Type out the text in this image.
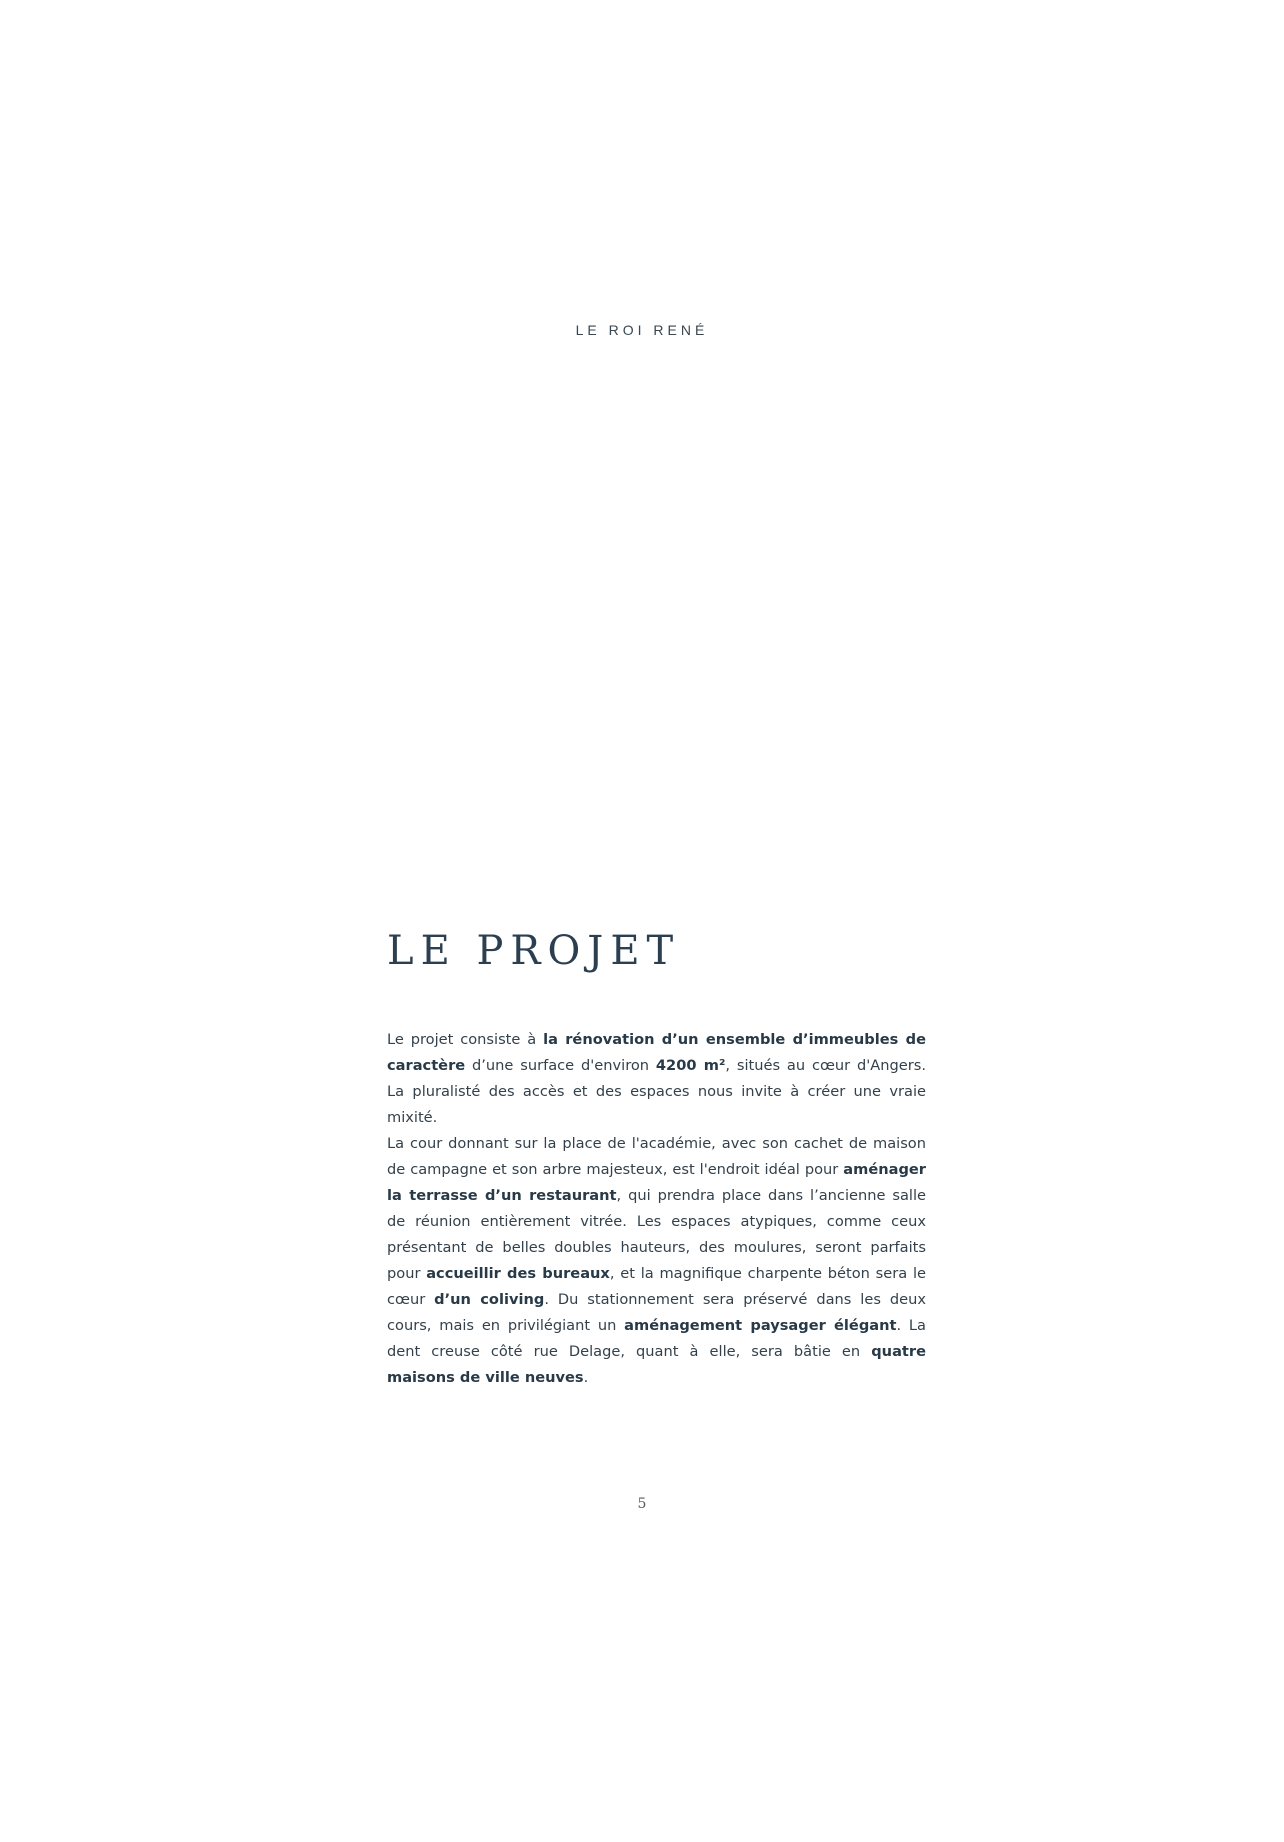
LE ROI RENÉ
LE PROJET
Le projet consiste à la rénovation d’un ensemble d’immeubles de caractère d’une surface d'environ 4200 m², situés au cœur d'Angers. La pluralisté des accès et des espaces nous invite à créer une vraie mixité.
La cour donnant sur la place de l'académie, avec son cachet de maison de campagne et son arbre majesteux, est l'endroit idéal pour aménager la terrasse d’un restaurant, qui prendra place dans l’ancienne salle de réunion entièrement vitrée. Les espaces atypiques, comme ceux présentant de belles doubles hauteurs, des moulures, seront parfaits pour accueillir des bureaux, et la magnifique charpente béton sera le cœur d’un coliving. Du stationnement sera préservé dans les deux cours, mais en privilégiant un aménagement paysager élégant. La dent creuse côté rue Delage, quant à elle, sera bâtie en quatre maisons de ville neuves.
5
